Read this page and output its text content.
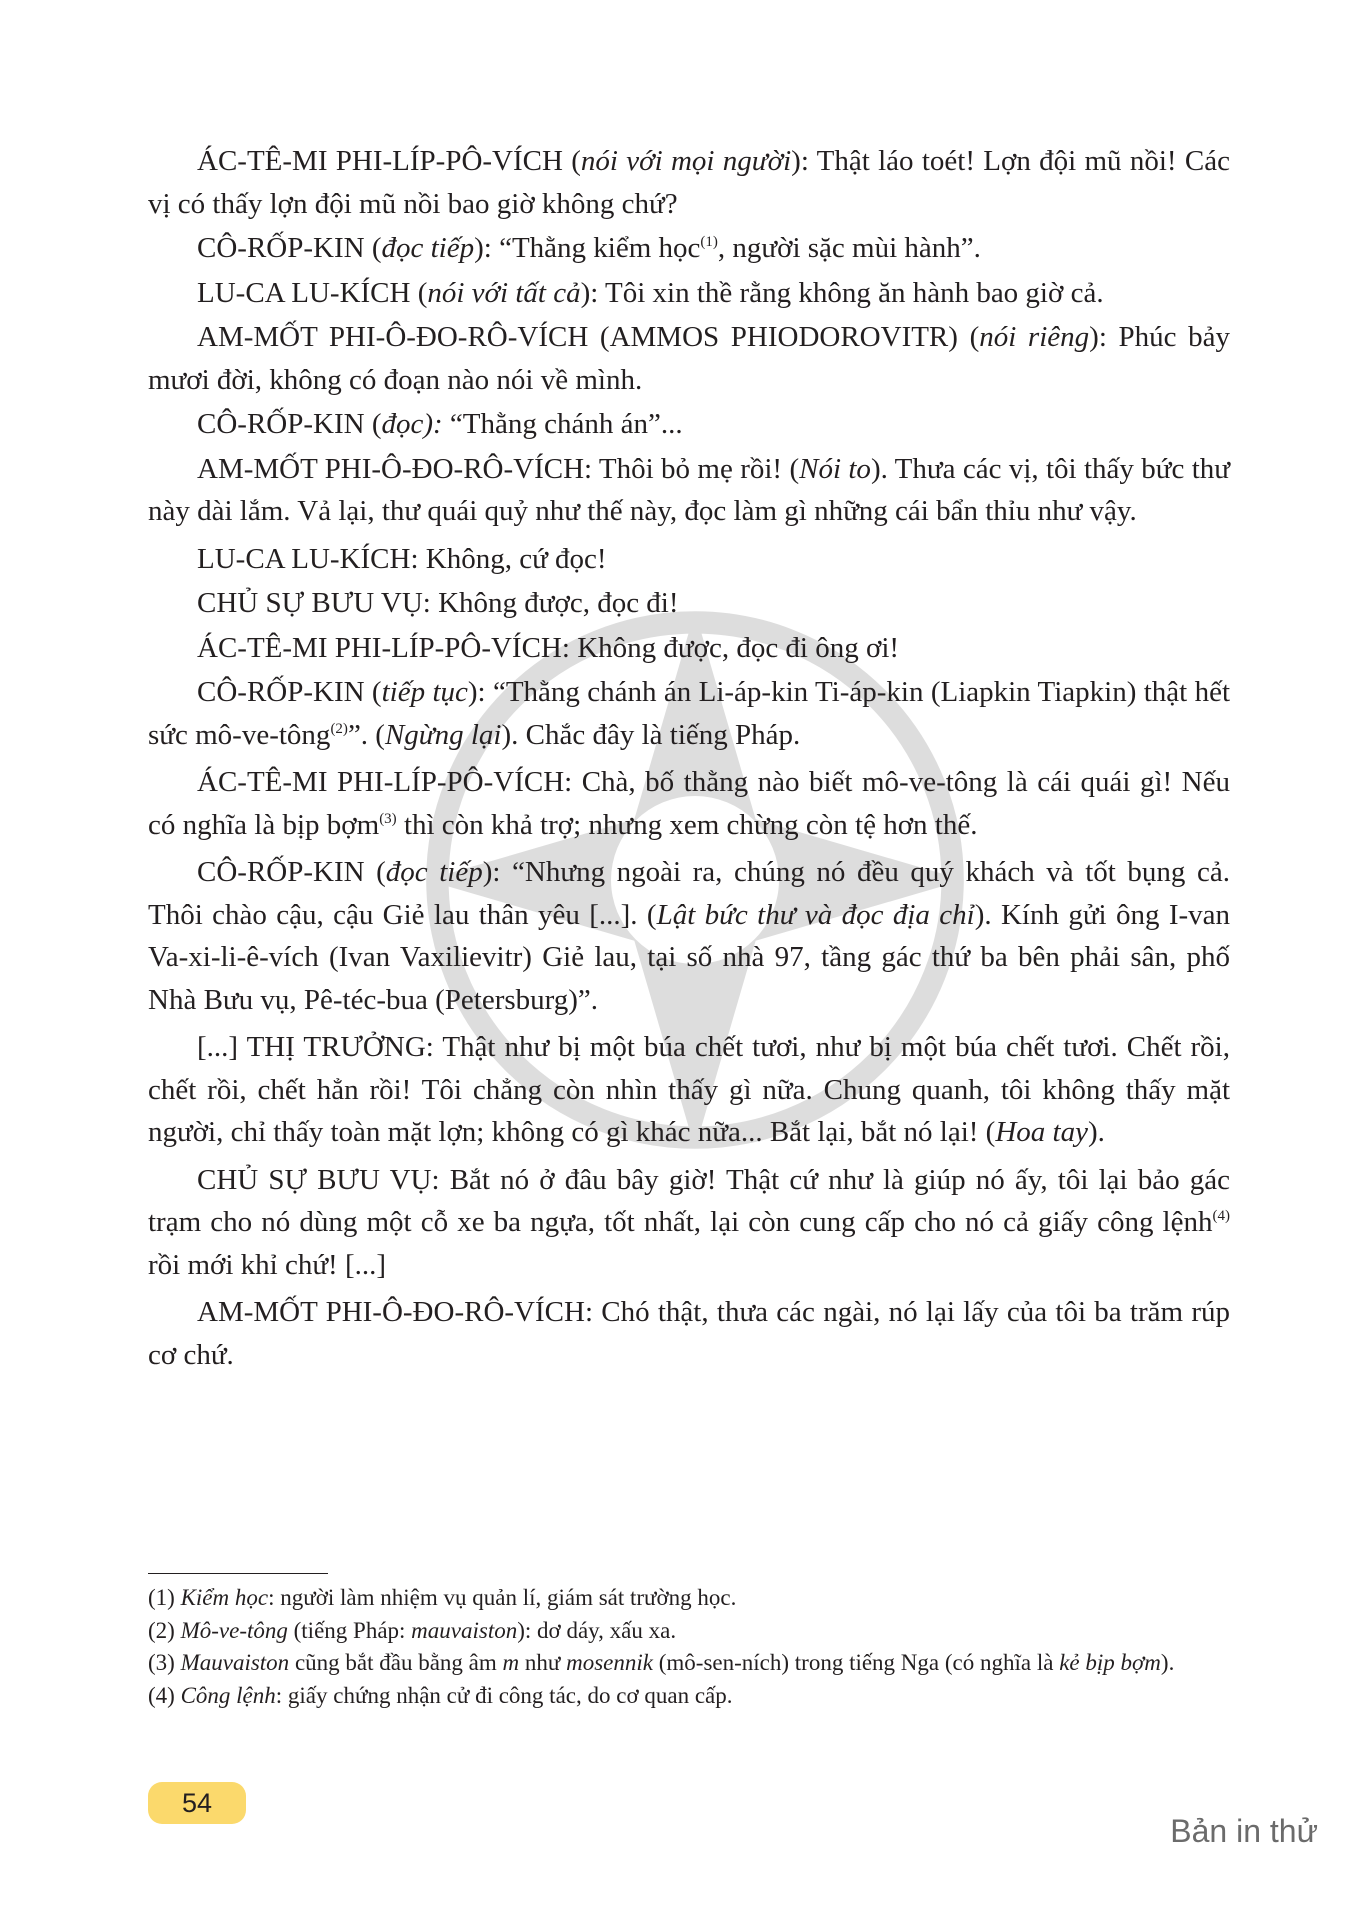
ÁC-TÊ-MI PHI-LÍP-PÔ-VÍCH (nói với mọi người): Thật láo toét! Lợn đội mũ nồi! Các vị có thấy lợn đội mũ nồi bao giờ không chứ?

CÔ-RỐP-KIN (đọc tiếp): “Thằng kiểm học$^{(1)}$, người sặc mùi hành”.

LU-CA LU-KÍCH (nói với tất cả): Tôi xin thề rằng không ăn hành bao giờ cả.

AM-MỐT PHI-Ô-ĐO-RÔ-VÍCH (AMMOS PHIODOROVITR) (nói riêng): Phúc bảy mươi đời, không có đoạn nào nói về mình.

CÔ-RỐP-KIN (đọc): “Thằng chánh án”...

AM-MỐT PHI-Ô-ĐO-RÔ-VÍCH: Thôi bỏ mẹ rồi! (Nói to). Thưa các vị, tôi thấy bức thư này dài lắm. Vả lại, thư quái quỷ như thế này, đọc làm gì những cái bẩn thỉu như vậy.

LU-CA LU-KÍCH: Không, cứ đọc!

CHỦ SỰ BƯU VỤ: Không được, đọc đi!

ÁC-TÊ-MI PHI-LÍP-PÔ-VÍCH: Không được, đọc đi ông ơi!

CÔ-RỐP-KIN (tiếp tục): “Thằng chánh án Li-áp-kin Ti-áp-kin (Liapkin Tiapkin) thật hết sức mô-ve-tông$^{(2)}$”. (Ngừng lại). Chắc đây là tiếng Pháp.

ÁC-TÊ-MI PHI-LÍP-PÔ-VÍCH: Chà, bố thằng nào biết mô-ve-tông là cái quái gì! Nếu có nghĩa là bịp bợm$^{(3)}$ thì còn khả trợ; nhưng xem chừng còn tệ hơn thế.

CÔ-RỐP-KIN (đọc tiếp): “Nhưng ngoài ra, chúng nó đều quý khách và tốt bụng cả. Thôi chào cậu, cậu Giẻ lau thân yêu [...]. (Lật bức thư và đọc địa chỉ). Kính gửi ông I-van Va-xi-li-ê-vích (Ivan Vaxilievitr) Giẻ lau, tại số nhà 97, tầng gác thứ ba bên phải sân, phố Nhà Bưu vụ, Pê-téc-bua (Petersburg)”.

[...] THỊ TRƯỞNG: Thật như bị một búa chết tươi, như bị một búa chết tươi. Chết rồi, chết rồi, chết hẳn rồi! Tôi chẳng còn nhìn thấy gì nữa. Chung quanh, tôi không thấy mặt người, chỉ thấy toàn mặt lợn; không có gì khác nữa... Bắt lại, bắt nó lại! (Hoa tay).

CHỦ SỰ BƯU VỤ: Bắt nó ở đâu bây giờ! Thật cứ như là giúp nó ấy, tôi lại bảo gác trạm cho nó dùng một cỗ xe ba ngựa, tốt nhất, lại còn cung cấp cho nó cả giấy công lệnh$^{(4)}$ rồi mới khỉ chứ! [...]

AM-MỐT PHI-Ô-ĐO-RÔ-VÍCH: Chó thật, thưa các ngài, nó lại lấy của tôi ba trăm rúp cơ chứ.

(1) Kiểm học: người làm nhiệm vụ quản lí, giám sát trường học.

(2) Mô-ve-tông (tiếng Pháp: mauvaiston): dơ dáy, xấu xa.

(3) Mauvaiston cũng bắt đầu bằng âm m như mosennik (mô-sen-ních) trong tiếng Nga (có nghĩa là kẻ bịp bợm).

(4) Công lệnh: giấy chứng nhận cử đi công tác, do cơ quan cấp.

54
Bản in thử
